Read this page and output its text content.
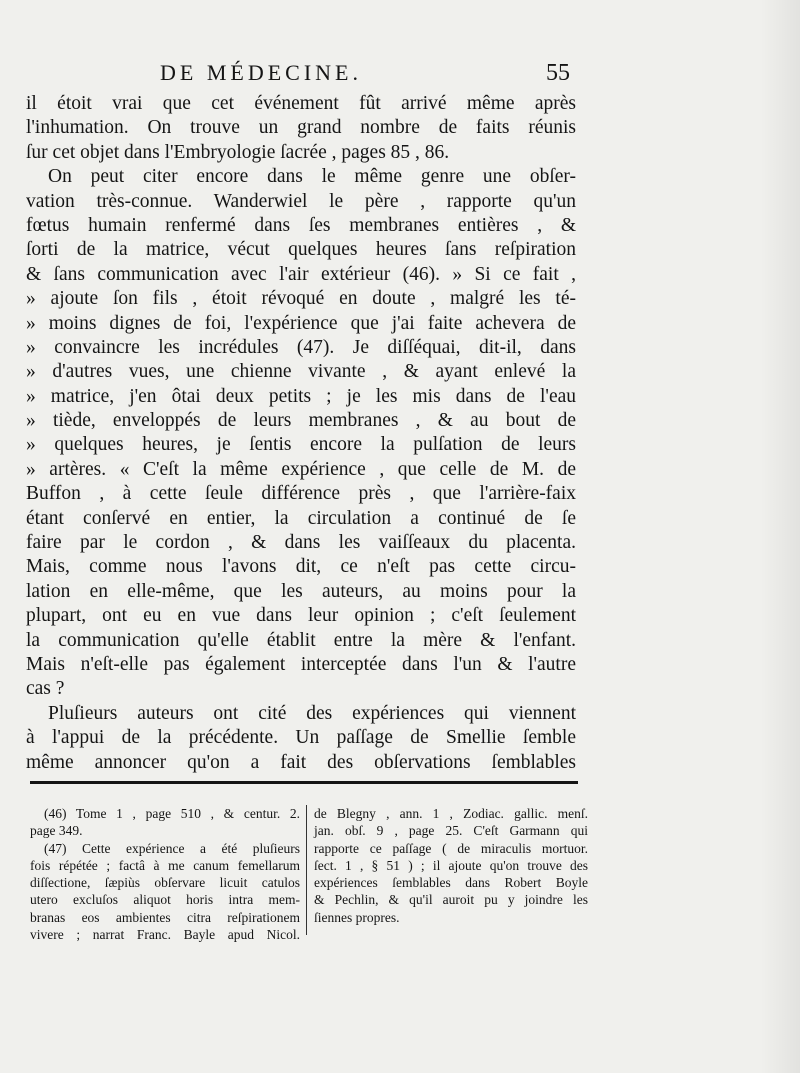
DE MÉDECINE.	55
il étoit vrai que cet événement fût arrivé même après
l'inhumation. On trouve un grand nombre de faits réunis
ſur cet objet dans l'Embryologie ſacrée , pages 85 , 86.
On peut citer encore dans le même genre une obſer-
vation très-connue. Wanderwiel le père , rapporte qu'un
fœtus humain renfermé dans ſes membranes entières , &
ſorti de la matrice, vécut quelques heures ſans reſpiration
& ſans communication avec l'air extérieur (46). » Si ce fait ,
» ajoute ſon fils , étoit révoqué en doute , malgré les té-
» moins dignes de foi, l'expérience que j'ai faite achevera de
» convaincre les incrédules (47). Je diſſéquai, dit-il, dans
» d'autres vues, une chienne vivante , & ayant enlevé la
» matrice, j'en ôtai deux petits ; je les mis dans de l'eau
» tiède, enveloppés de leurs membranes , & au bout de
» quelques heures, je ſentis encore la pulſation de leurs
» artères. « C'eſt la même expérience , que celle de M. de
Buffon , à cette ſeule différence près , que l'arrière-faix
étant conſervé en entier, la circulation a continué de ſe
faire par le cordon , & dans les vaiſſeaux du placenta.
Mais, comme nous l'avons dit, ce n'eſt pas cette circu-
lation en elle-même, que les auteurs, au moins pour la
plupart, ont eu en vue dans leur opinion ; c'eſt ſeulement
la communication qu'elle établit entre la mère & l'enfant.
Mais n'eſt-elle pas également interceptée dans l'un & l'autre
cas ?
Pluſieurs auteurs ont cité des expériences qui viennent
à l'appui de la précédente. Un paſſage de Smellie ſemble
même annoncer qu'on a fait des obſervations ſemblables
(46) Tome 1 , page 510 , & centur. 2.
page 349.
(47) Cette expérience a été pluſieurs
fois répétée ; factâ à me canum femellarum
diſſectione, ſæpiùs obſervare licuit catulos
utero excluſos aliquot horis intra mem-
branas eos ambientes citra reſpirationem
vivere ; narrat Franc. Bayle apud Nicol.
de Blegny , ann. 1 , Zodiac. gallic. menſ.
jan. obſ. 9 , page 25. C'eſt Garmann qui
rapporte ce paſſage ( de miraculis mortuor.
ſect. 1 , § 51 ) ; il ajoute qu'on trouve des
expériences ſemblables dans Robert Boyle
& Pechlin, & qu'il auroit pu y joindre les
ſiennes propres.
